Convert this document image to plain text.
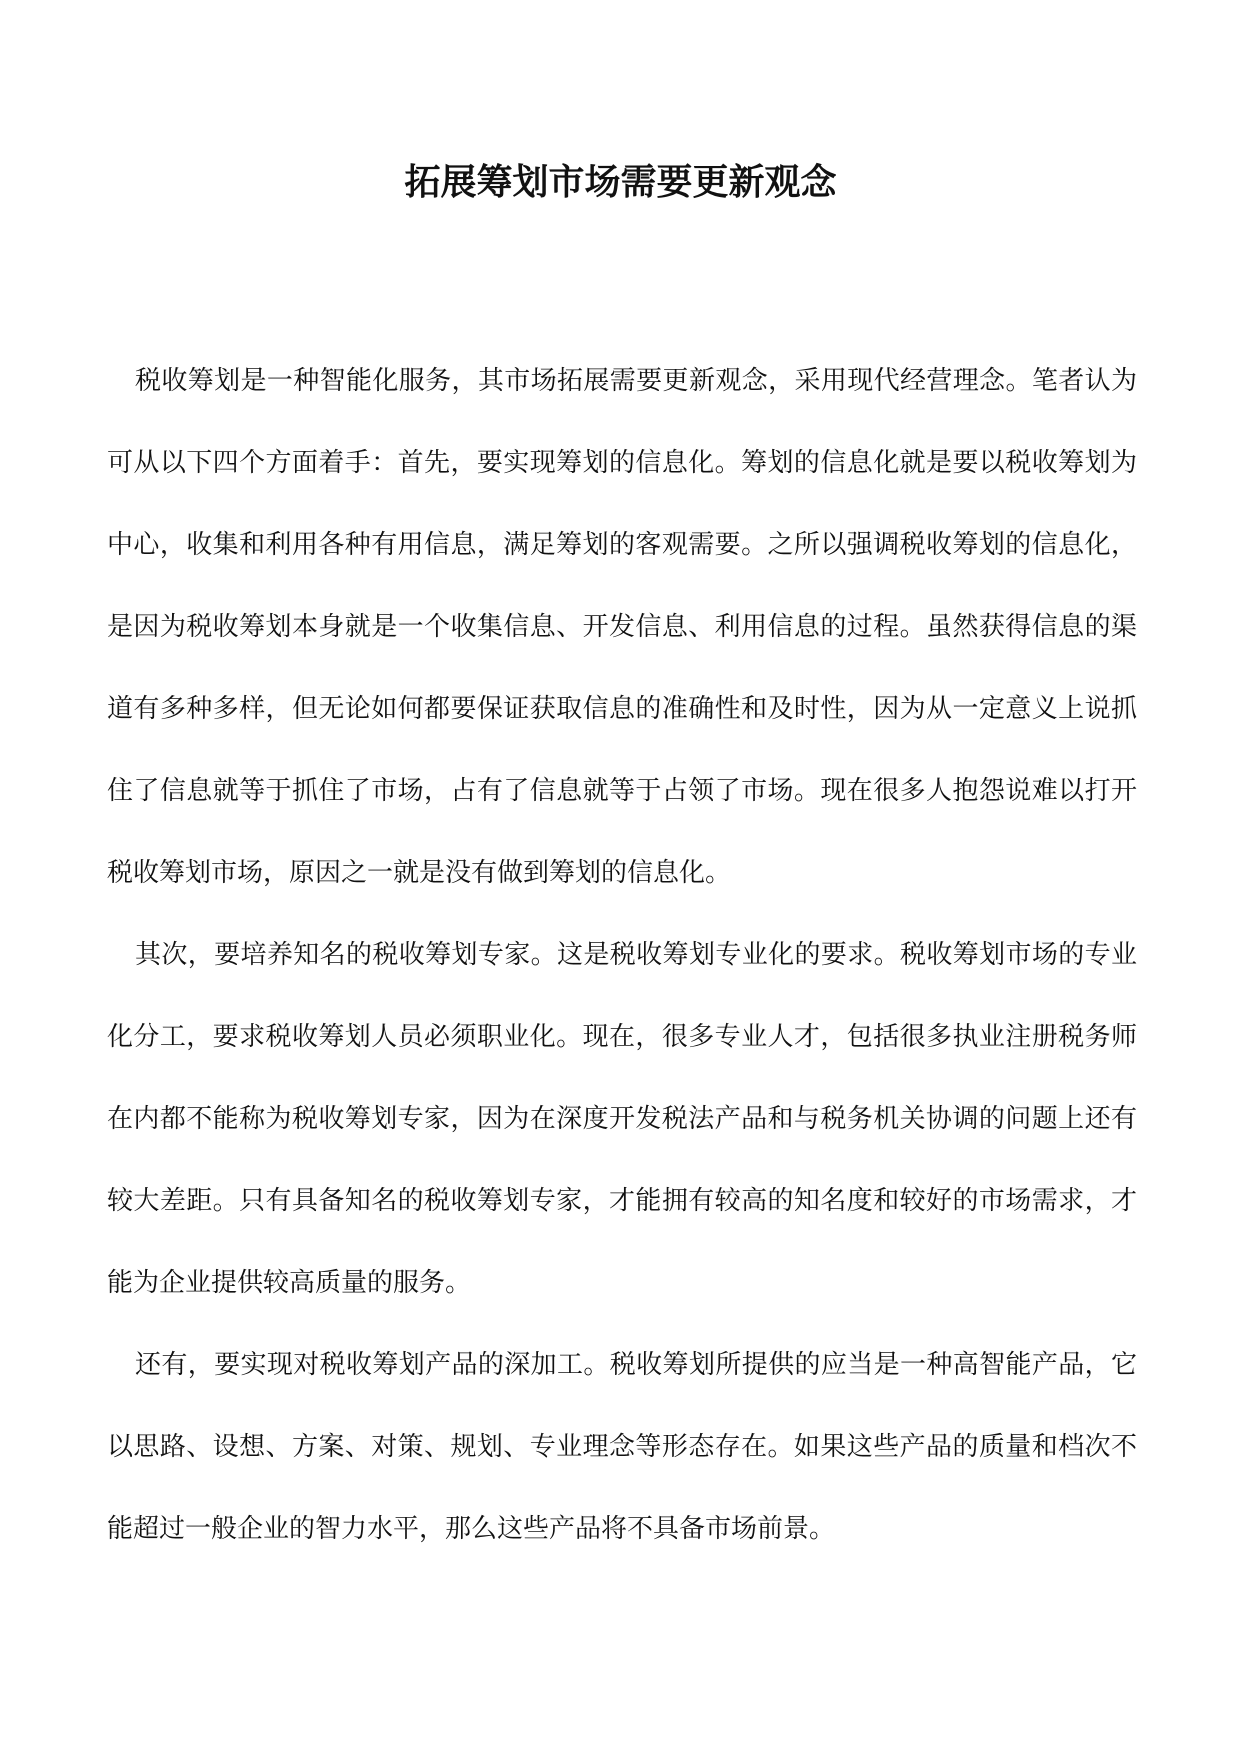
拓展筹划市场需要更新观念

税收筹划是一种智能化服务，其市场拓展需要更新观念，采用现代经营理念。笔者认为可从以下四个方面着手：首先，要实现筹划的信息化。筹划的信息化就是要以税收筹划为中心，收集和利用各种有用信息，满足筹划的客观需要。之所以强调税收筹划的信息化，是因为税收筹划本身就是一个收集信息、开发信息、利用信息的过程。虽然获得信息的渠道有多种多样，但无论如何都要保证获取信息的准确性和及时性，因为从一定意义上说抓住了信息就等于抓住了市场，占有了信息就等于占领了市场。现在很多人抱怨说难以打开税收筹划市场，原因之一就是没有做到筹划的信息化。

其次，要培养知名的税收筹划专家。这是税收筹划专业化的要求。税收筹划市场的专业化分工，要求税收筹划人员必须职业化。现在，很多专业人才，包括很多执业注册税务师在内都不能称为税收筹划专家，因为在深度开发税法产品和与税务机关协调的问题上还有较大差距。只有具备知名的税收筹划专家，才能拥有较高的知名度和较好的市场需求，才能为企业提供较高质量的服务。

还有，要实现对税收筹划产品的深加工。税收筹划所提供的应当是一种高智能产品，它以思路、设想、方案、对策、规划、专业理念等形态存在。如果这些产品的质量和档次不能超过一般企业的智力水平，那么这些产品将不具备市场前景。
